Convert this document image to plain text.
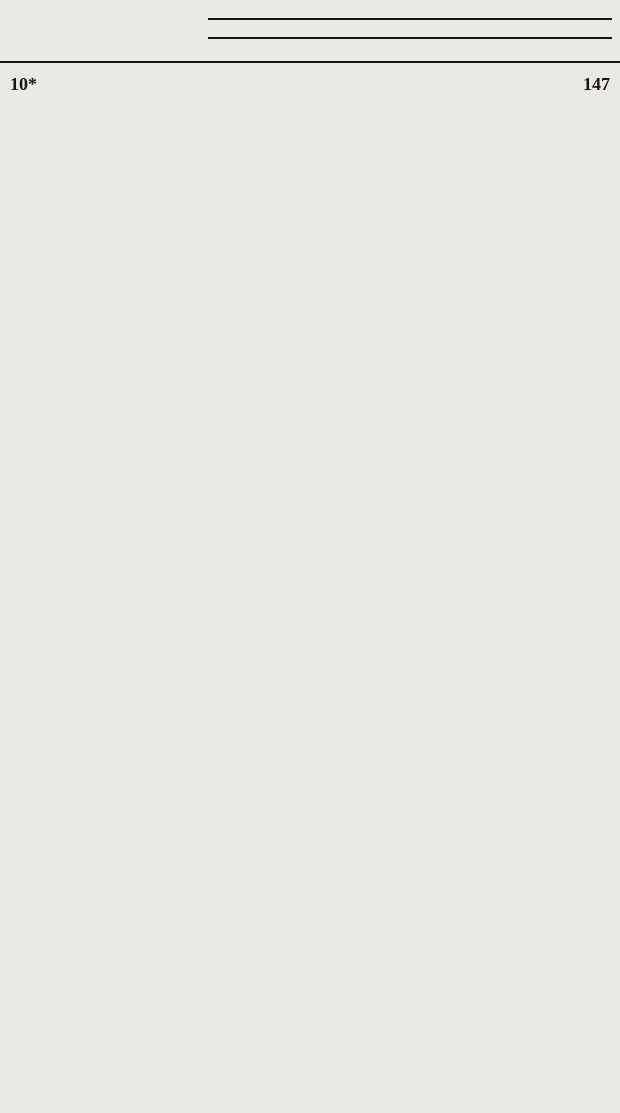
10*	147
